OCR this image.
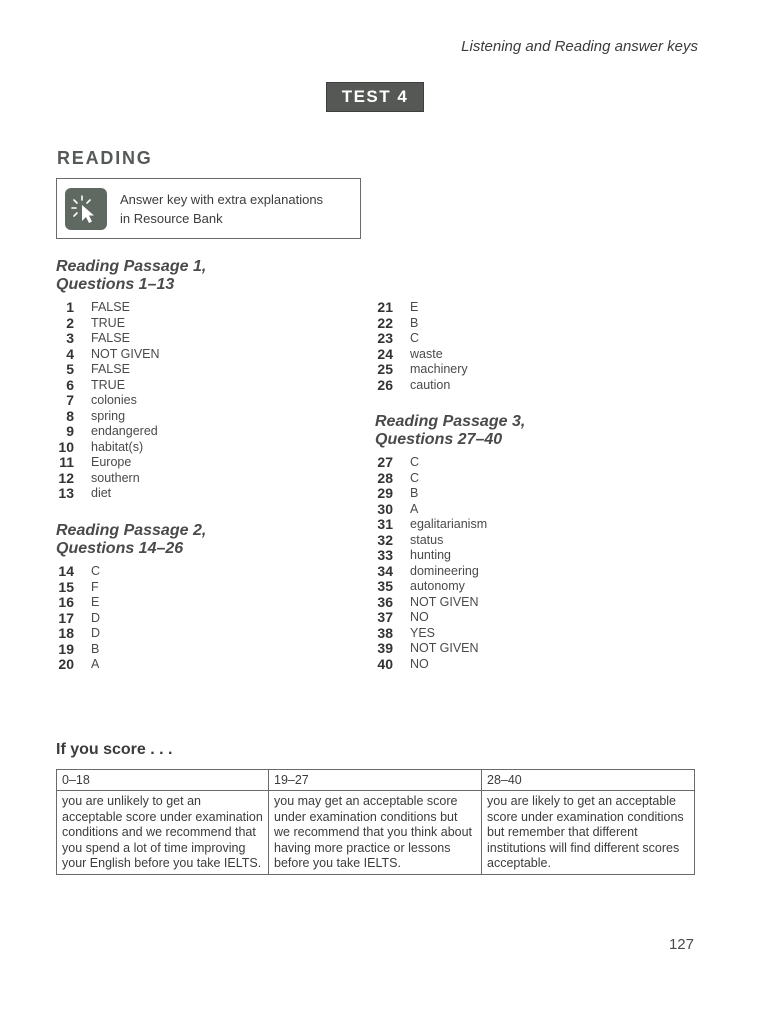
Listening and Reading answer keys
TEST 4
READING
Answer key with extra explanations
in Resource Bank
Reading Passage 1,
Questions 1–13
1 FALSE
2 TRUE
3 FALSE
4 NOT GIVEN
5 FALSE
6 TRUE
7 colonies
8 spring
9 endangered
10 habitat(s)
11 Europe
12 southern
13 diet
Reading Passage 2,
Questions 14–26
14 C
15 F
16 E
17 D
18 D
19 B
20 A
21 E
22 B
23 C
24 waste
25 machinery
26 caution
Reading Passage 3,
Questions 27–40
27 C
28 C
29 B
30 A
31 egalitarianism
32 status
33 hunting
34 domineering
35 autonomy
36 NOT GIVEN
37 NO
38 YES
39 NOT GIVEN
40 NO
If you score . . .
0–18	19–27	28–40
you are unlikely to get an acceptable score under examination conditions and we recommend that you spend a lot of time improving your English before you take IELTS.	you may get an acceptable score under examination conditions but we recommend that you think about having more practice or lessons before you take IELTS.	you are likely to get an acceptable score under examination conditions but remember that different institutions will find different scores acceptable.
127
